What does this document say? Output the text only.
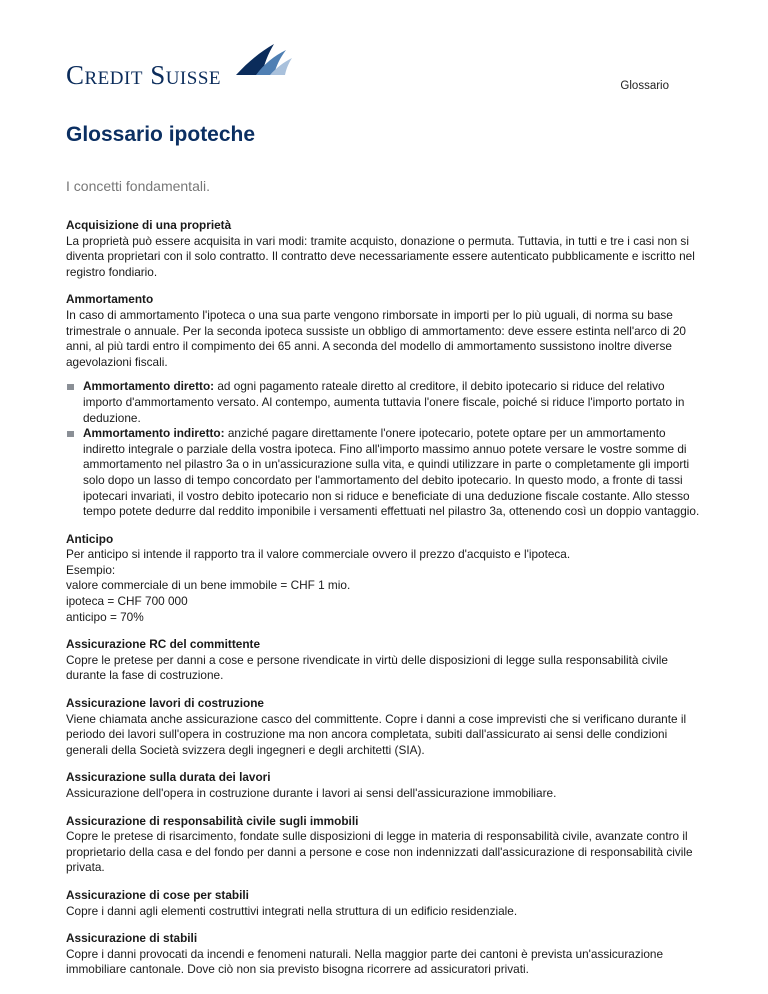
Credit Suisse	Glossario
Glossario ipoteche
I concetti fondamentali.
Acquisizione di una proprietà
La proprietà può essere acquisita in vari modi: tramite acquisto, donazione o permuta. Tuttavia, in tutti e tre i casi non si diventa proprietari con il solo contratto. Il contratto deve necessariamente essere autenticato pubblicamente e iscritto nel registro fondiario.
Ammortamento
In caso di ammortamento l'ipoteca o una sua parte vengono rimborsate in importi per lo più uguali, di norma su base trimestrale o annuale. Per la seconda ipoteca sussiste un obbligo di ammortamento: deve essere estinta nell'arco di 20 anni, al più tardi entro il compimento dei 65 anni. A seconda del modello di ammortamento sussistono inoltre diverse agevolazioni fiscali.
Ammortamento diretto: ad ogni pagamento rateale diretto al creditore, il debito ipotecario si riduce del relativo importo d'ammortamento versato. Al contempo, aumenta tuttavia l'onere fiscale, poiché si riduce l'importo portato in deduzione.
Ammortamento indiretto: anziché pagare direttamente l'onere ipotecario, potete optare per un ammortamento indiretto integrale o parziale della vostra ipoteca. Fino all'importo massimo annuo potete versare le vostre somme di ammortamento nel pilastro 3a o in un'assicurazione sulla vita, e quindi utilizzare in parte o completamente gli importi solo dopo un lasso di tempo concordato per l'ammortamento del debito ipotecario. In questo modo, a fronte di tassi ipotecari invariati, il vostro debito ipotecario non si riduce e beneficiate di una deduzione fiscale costante. Allo stesso tempo potete dedurre dal reddito imponibile i versamenti effettuati nel pilastro 3a, ottenendo così un doppio vantaggio.
Anticipo
Per anticipo si intende il rapporto tra il valore commerciale ovvero il prezzo d'acquisto e l'ipoteca.
Esempio:
valore commerciale di un bene immobile = CHF 1 mio.
ipoteca = CHF 700 000
anticipo = 70%
Assicurazione RC del committente
Copre le pretese per danni a cose e persone rivendicate in virtù delle disposizioni di legge sulla responsabilità civile durante la fase di costruzione.
Assicurazione lavori di costruzione
Viene chiamata anche assicurazione casco del committente. Copre i danni a cose imprevisti che si verificano durante il periodo dei lavori sull'opera in costruzione ma non ancora completata, subiti dall'assicurato ai sensi delle condizioni generali della Società svizzera degli ingegneri e degli architetti (SIA).
Assicurazione sulla durata dei lavori
Assicurazione dell'opera in costruzione durante i lavori ai sensi dell'assicurazione immobiliare.
Assicurazione di responsabilità civile sugli immobili
Copre le pretese di risarcimento, fondate sulle disposizioni di legge in materia di responsabilità civile, avanzate contro il proprietario della casa e del fondo per danni a persone e cose non indennizzati dall'assicurazione di responsabilità civile privata.
Assicurazione di cose per stabili
Copre i danni agli elementi costruttivi integrati nella struttura di un edificio residenziale.
Assicurazione di stabili
Copre i danni provocati da incendi e fenomeni naturali. Nella maggior parte dei cantoni è prevista un'assicurazione immobiliare cantonale. Dove ciò non sia previsto bisogna ricorrere ad assicuratori privati.
